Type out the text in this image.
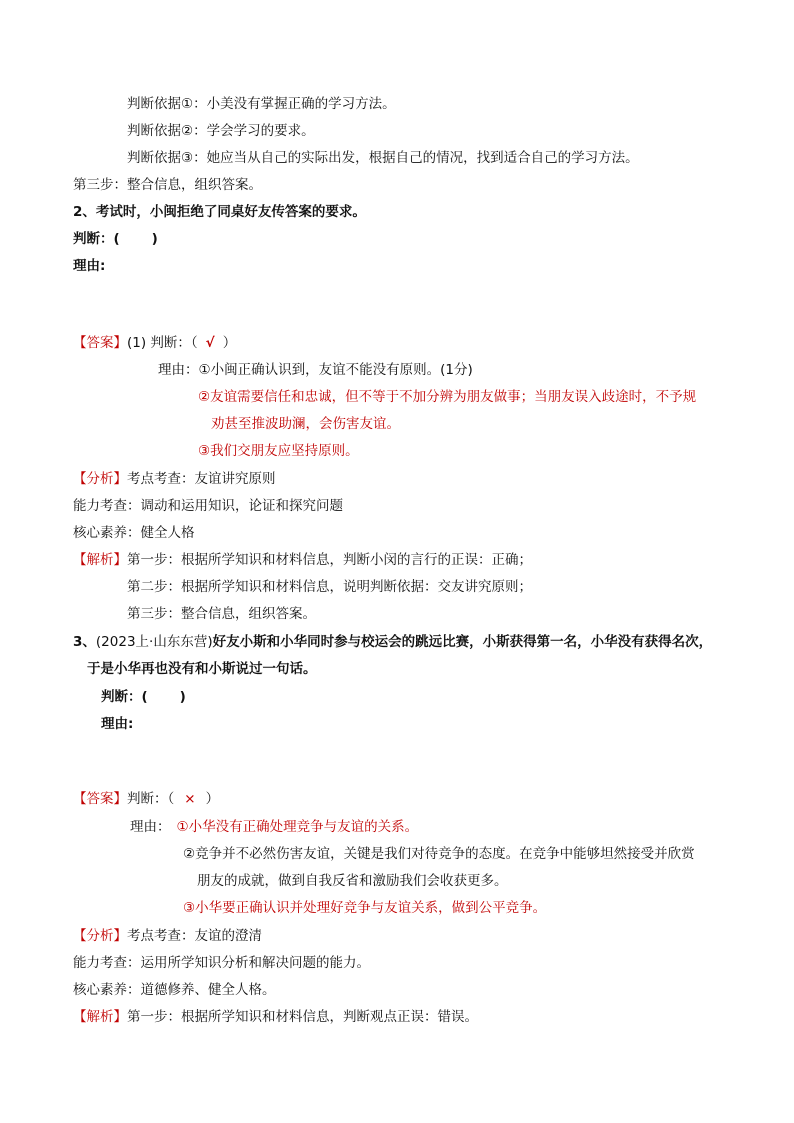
判断依据①：小美没有掌握正确的学习方法。
判断依据②：学会学习的要求。
判断依据③：她应当从自己的实际出发，根据自己的情况，找到适合自己的学习方法。
第三步：整合信息，组织答案。
2、考试时，小闽拒绝了同桌好友传答案的要求。
判断：( )
理由:
【答案】(1) 判断：（ √ ）
理由：①小闽正确认识到，友谊不能没有原则。(1分)
②友谊需要信任和忠诚，但不等于不加分辨为朋友做事；当朋友误入歧途时，不予规
劝甚至推波助澜，会伤害友谊。
③我们交朋友应坚持原则。
【分析】考点考查：友谊讲究原则
能力考查：调动和运用知识，论证和探究问题
核心素养：健全人格
【解析】第一步：根据所学知识和材料信息，判断小闵的言行的正误：正确；
第二步：根据所学知识和材料信息，说明判断依据：交友讲究原则；
第三步：整合信息，组织答案。
3、(2023上·山东东营)好友小斯和小华同时参与校运会的跳远比赛，小斯获得第一名，小华没有获得名次，
于是小华再也没有和小斯说过一句话。
判断：( )
理由:
【答案】判断：（ × ）
理由： ①小华没有正确处理竞争与友谊的关系。
②竞争并不必然伤害友谊，关键是我们对待竞争的态度。在竞争中能够坦然接受并欣赏
朋友的成就，做到自我反省和激励我们会收获更多。
③小华要正确认识并处理好竞争与友谊关系，做到公平竞争。
【分析】考点考查：友谊的澄清
能力考查：运用所学知识分析和解决问题的能力。
核心素养：道德修养、健全人格。
【解析】第一步：根据所学知识和材料信息，判断观点正误：错误。
